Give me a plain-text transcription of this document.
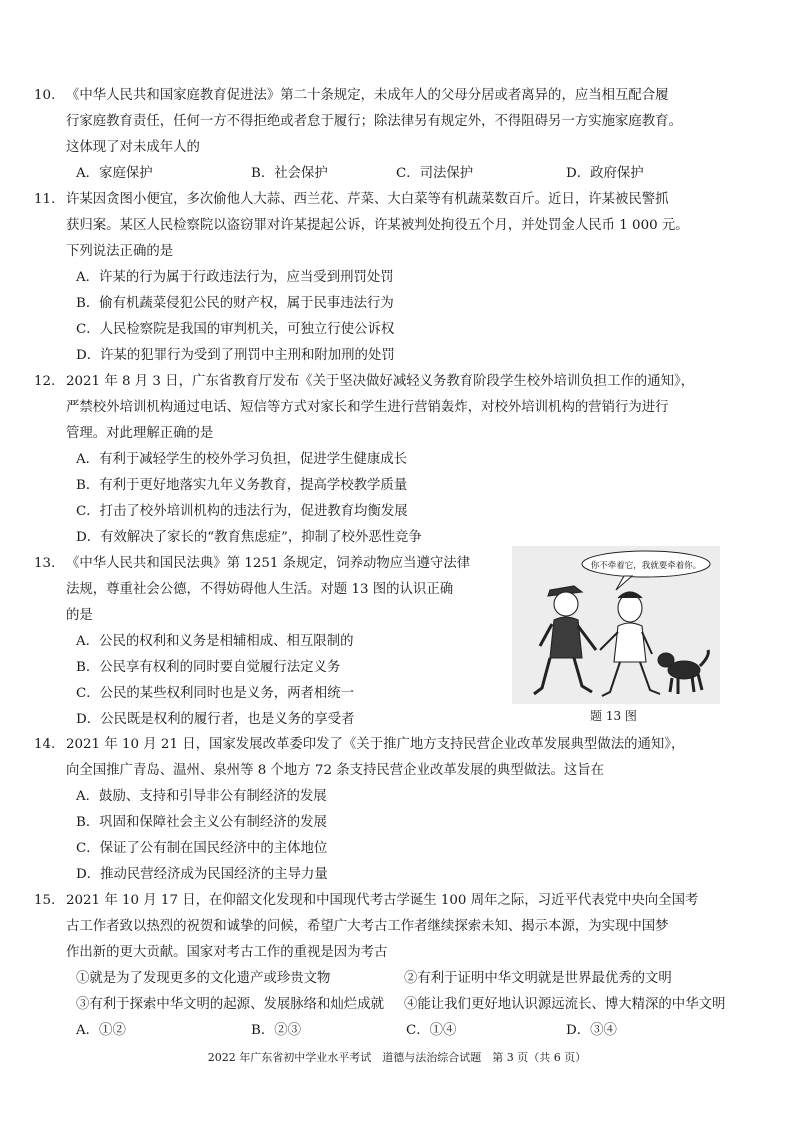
10. 《中华人民共和国家庭教育促进法》第二十条规定，未成年人的父母分居或者离异的，应当相互配合履
行家庭教育责任，任何一方不得拒绝或者怠于履行；除法律另有规定外，不得阻碍另一方实施家庭教育。
这体现了对未成年人的
A．家庭保护	B．社会保护	C．司法保护	D．政府保护
11. 许某因贪图小便宜，多次偷他人大蒜、西兰花、芹菜、大白菜等有机蔬菜数百斤。近日，许某被民警抓
获归案。某区人民检察院以盗窃罪对许某提起公诉，许某被判处拘役五个月，并处罚金人民币 1 000 元。
下列说法正确的是
A．许某的行为属于行政违法行为，应当受到刑罚处罚
B．偷有机蔬菜侵犯公民的财产权，属于民事违法行为
C．人民检察院是我国的审判机关，可独立行使公诉权
D．许某的犯罪行为受到了刑罚中主刑和附加刑的处罚
12. 2021 年 8 月 3 日，广东省教育厅发布《关于坚决做好减轻义务教育阶段学生校外培训负担工作的通知》，
严禁校外培训机构通过电话、短信等方式对家长和学生进行营销轰炸，对校外培训机构的营销行为进行
管理。对此理解正确的是
A．有利于减轻学生的校外学习负担，促进学生健康成长
B．有利于更好地落实九年义务教育，提高学校教学质量
C．打击了校外培训机构的违法行为，促进教育均衡发展
D．有效解决了家长的“教育焦虑症”，抑制了校外恶性竞争
13. 《中华人民共和国民法典》第 1251 条规定，饲养动物应当遵守法律
法规，尊重社会公德，不得妨碍他人生活。对题 13 图的认识正确
的是
A．公民的权利和义务是相辅相成、相互限制的
B．公民享有权利的同时要自觉履行法定义务
C．公民的某些权利同时也是义务，两者相统一
D．公民既是权利的履行者，也是义务的享受者
你不牵着它，我就要牵着你。
题 13 图
14. 2021 年 10 月 21 日，国家发展改革委印发了《关于推广地方支持民营企业改革发展典型做法的通知》，
向全国推广青岛、温州、泉州等 8 个地方 72 条支持民营企业改革发展的典型做法。这旨在
A．鼓励、支持和引导非公有制经济的发展
B．巩固和保障社会主义公有制经济的发展
C．保证了公有制在国民经济中的主体地位
D．推动民营经济成为民国经济的主导力量
15. 2021 年 10 月 17 日，在仰韶文化发现和中国现代考古学诞生 100 周年之际，习近平代表党中央向全国考
古工作者致以热烈的祝贺和诚挚的问候，希望广大考古工作者继续探索未知、揭示本源，为实现中国梦
作出新的更大贡献。国家对考古工作的重视是因为考古
①就是为了发现更多的文化遗产或珍贵文物	②有利于证明中华文明就是世界最优秀的文明
③有利于探索中华文明的起源、发展脉络和灿烂成就 ④能让我们更好地认识源远流长、博大精深的中华文明
A．①②	B．②③	C．①④	D．③④
2022 年广东省初中学业水平考试　道德与法治综合试题　第 3 页（共 6 页）
